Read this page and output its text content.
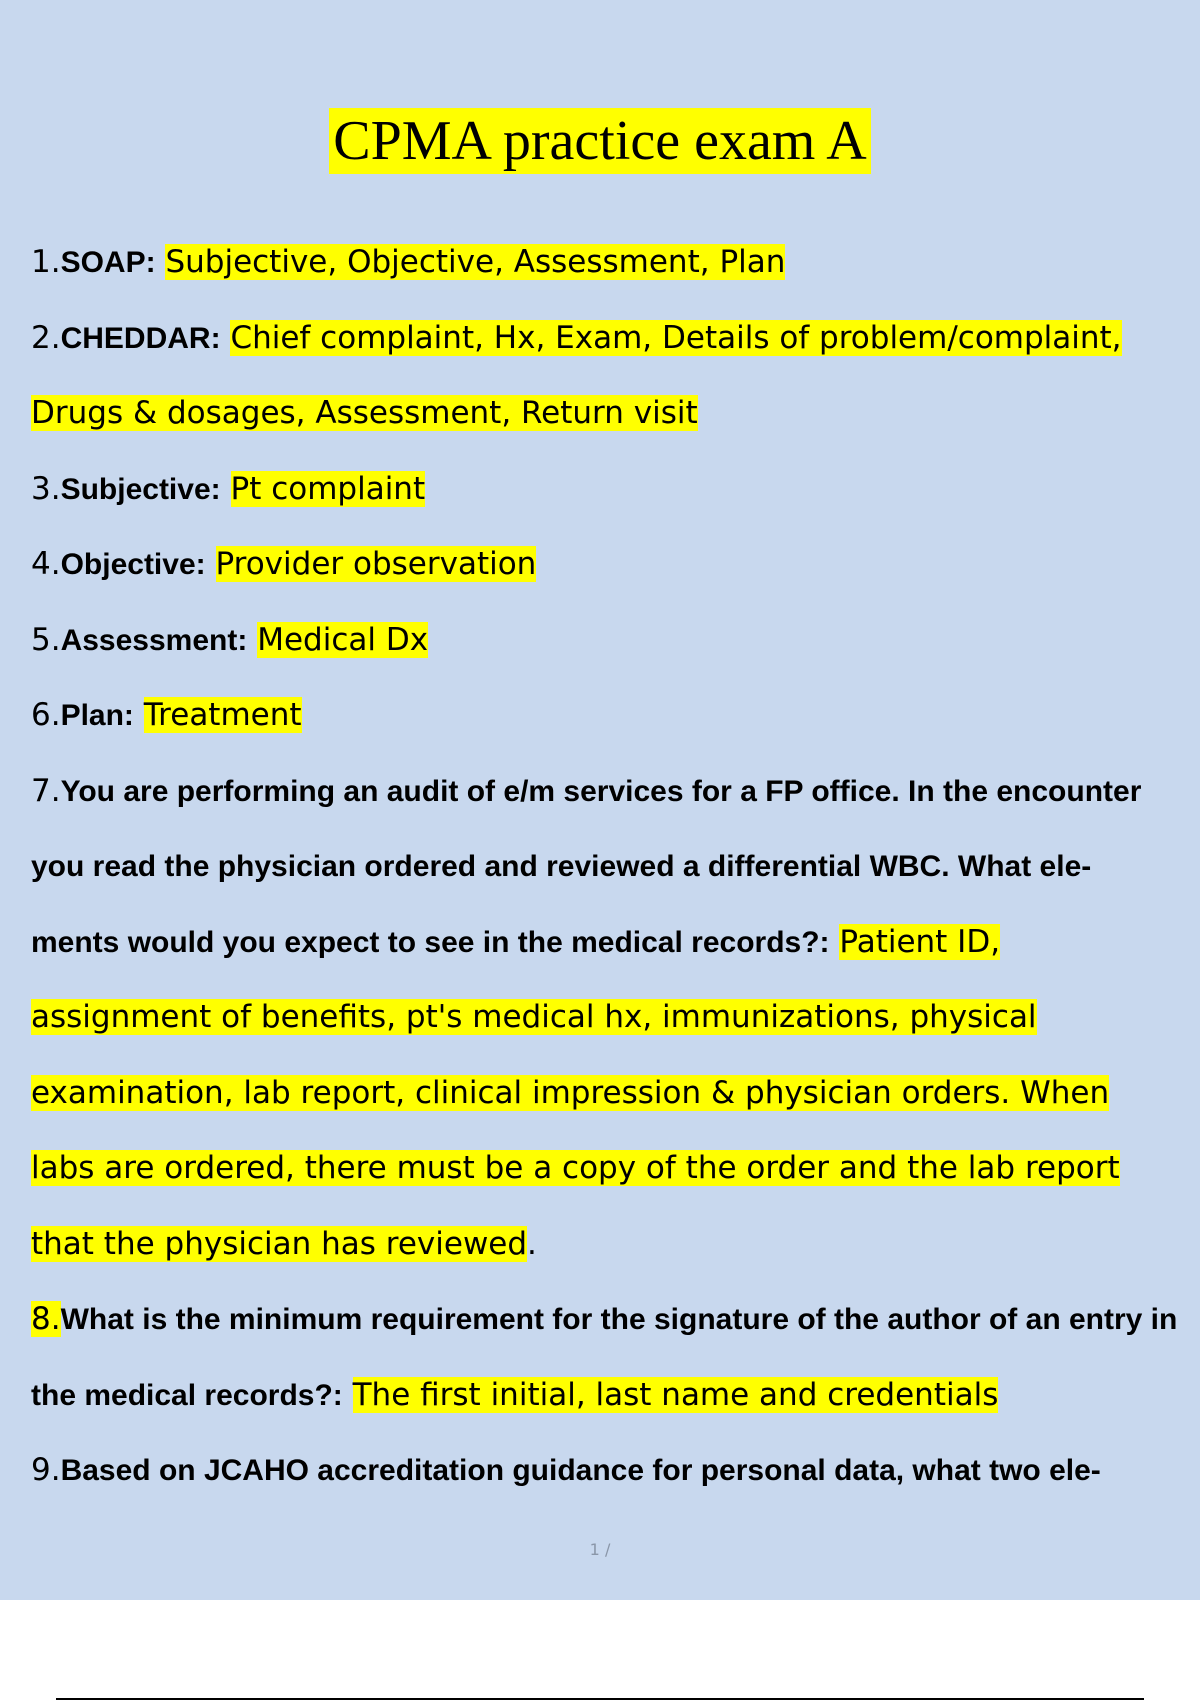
CPMA practice exam A

1.SOAP: Subjective, Objective, Assessment, Plan

2.CHEDDAR: Chief complaint, Hx, Exam, Details of problem/complaint, Drugs & dosages, Assessment, Return visit

3.Subjective: Pt complaint

4.Objective: Provider observation

5.Assessment: Medical Dx

6.Plan: Treatment

7.You are performing an audit of e/m services for a FP office. In the encounter you read the physician ordered and reviewed a differential WBC. What ele- ments would you expect to see in the medical records?: Patient ID, assignment of benefits, pt's medical hx, immunizations, physical examination, lab report, clinical impression & physician orders. When labs are ordered, there must be a copy of the order and the lab report that the physician has reviewed.

8.What is the minimum requirement for the signature of the author of an entry in the medical records?: The first initial, last name and credentials

9.Based on JCAHO accreditation guidance for personal data, what two ele-

1 /
